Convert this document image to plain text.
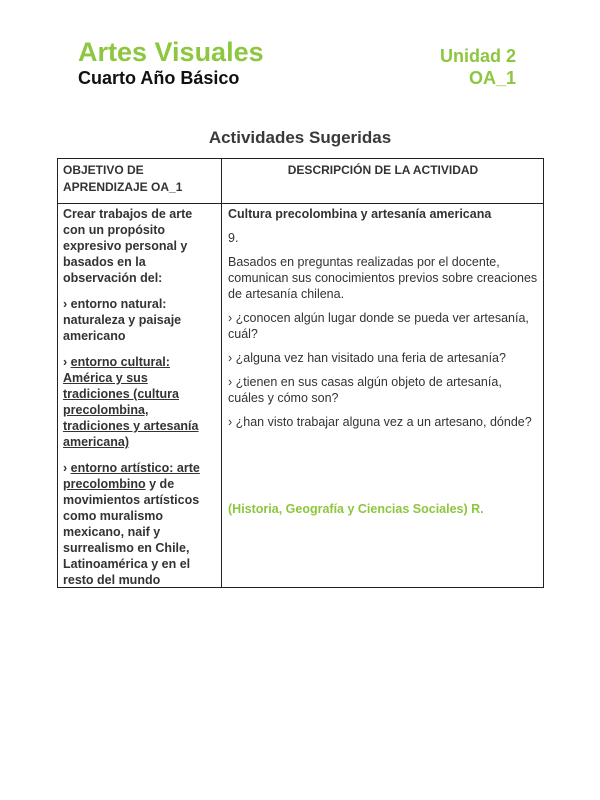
Artes Visuales
Cuarto Año Básico
Unidad 2
OA_1
Actividades Sugeridas
OBJETIVO DE APRENDIZAJE OA_1
DESCRIPCIÓN DE LA ACTIVIDAD

Crear trabajos de arte con un propósito expresivo personal y basados en la observación del:

› entorno natural: naturaleza y paisaje americano

› entorno cultural: América y sus tradiciones (cultura precolombina, tradiciones y artesanía americana)

› entorno artístico: arte precolombino y de movimientos artísticos como muralismo mexicano, naif y surrealismo en Chile, Latinoamérica y en el resto del mundo

Cultura precolombina y artesanía americana

9.

Basados en preguntas realizadas por el docente, comunican sus conocimientos previos sobre creaciones de artesanía chilena.

› ¿conocen algún lugar donde se pueda ver artesanía, cuál?

› ¿alguna vez han visitado una feria de artesanía?

› ¿tienen en sus casas algún objeto de artesanía, cuáles y cómo son?

› ¿han visto trabajar alguna vez a un artesano, dónde?

(Historia, Geografía y Ciencias Sociales) R.
